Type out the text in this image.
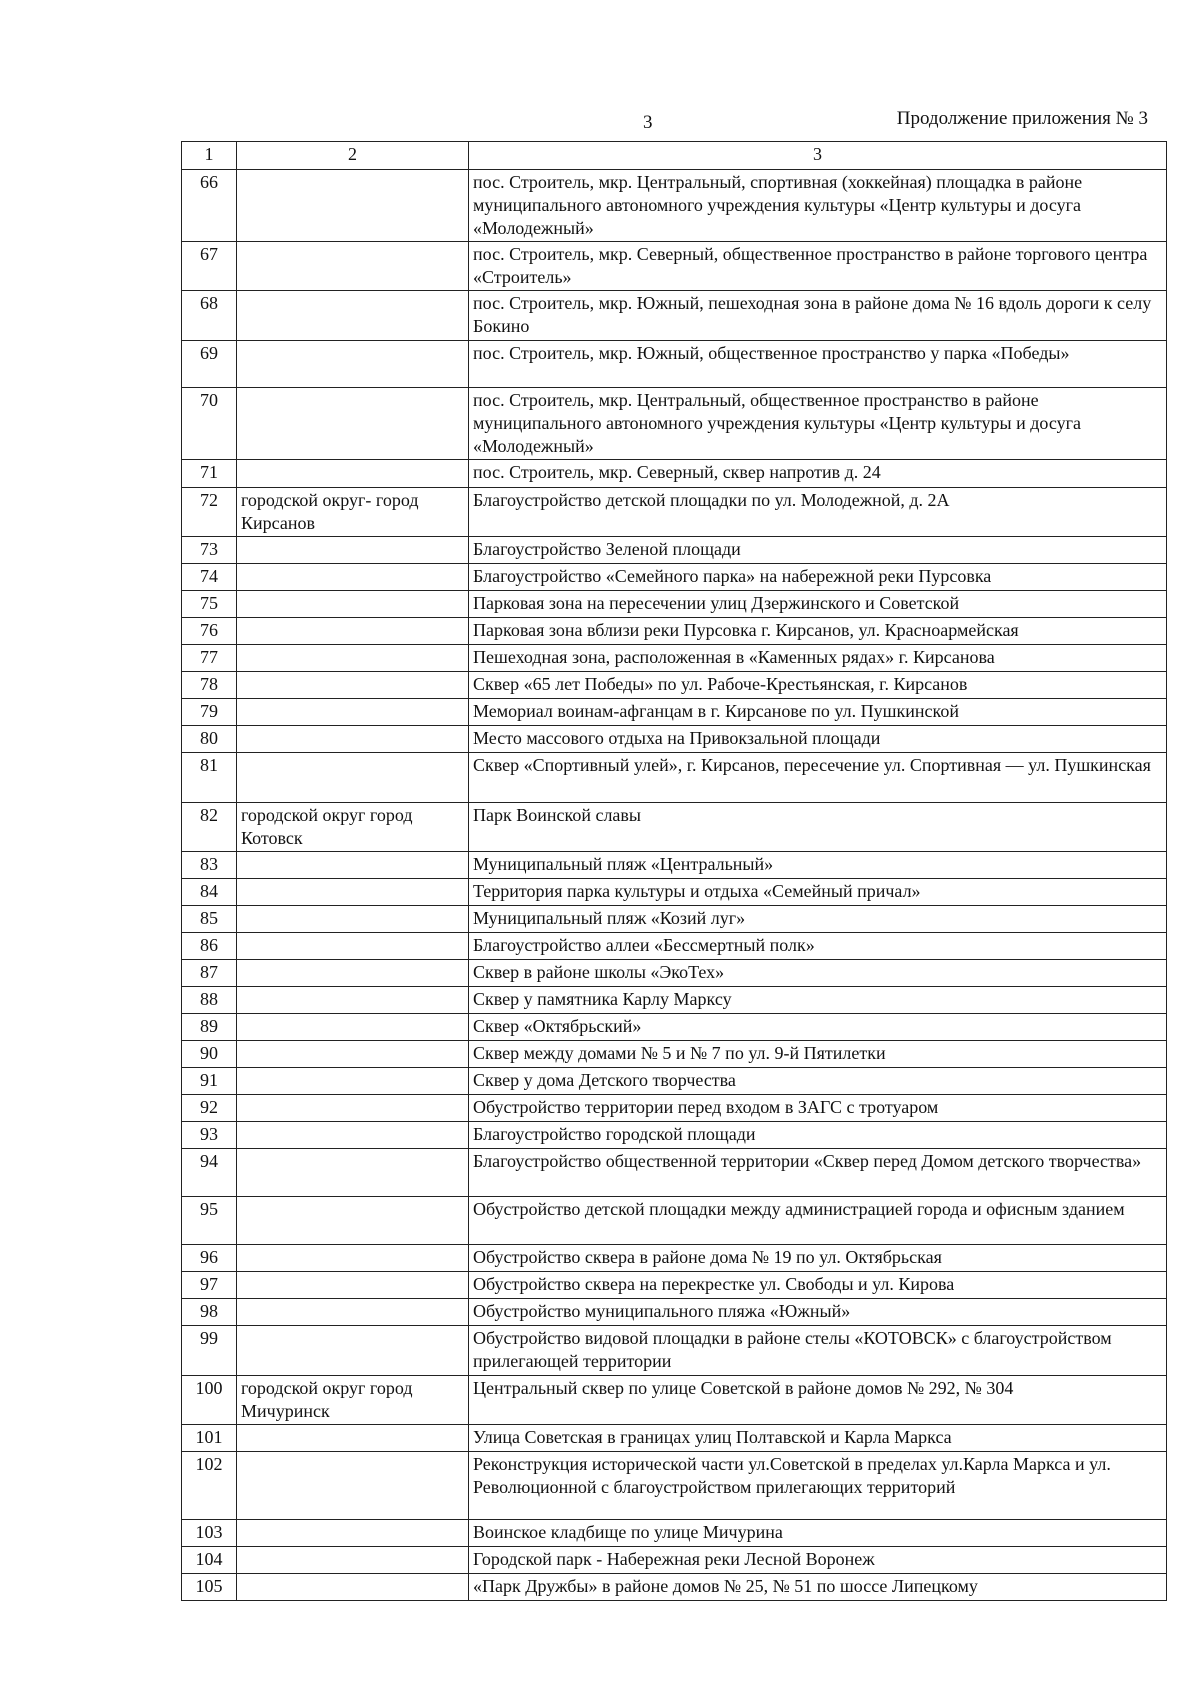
3	Продолжение приложения № 3
1	2	3
66		пос. Строитель, мкр. Центральный, спортивная (хоккейная) площадка в районе муниципального автономного учреждения культуры «Центр культуры и досуга «Молодежный»
67		пос. Строитель, мкр. Северный, общественное пространство в районе торгового центра «Строитель»
68		пос. Строитель, мкр. Южный, пешеходная зона в районе дома № 16 вдоль дороги к селу Бокино
69		пос. Строитель, мкр. Южный, общественное пространство у парка «Победы»
70		пос. Строитель, мкр. Центральный, общественное пространство в районе муниципального автономного учреждения культуры «Центр культуры и досуга «Молодежный»
71		пос. Строитель, мкр. Северный, сквер напротив д. 24
72	городской округ- город Кирсанов	Благоустройство детской площадки по ул. Молодежной, д. 2А
73		Благоустройство Зеленой площади
74		Благоустройство «Семейного парка» на набережной реки Пурсовка
75		Парковая зона на пересечении улиц Дзержинского и Советской
76		Парковая зона вблизи реки Пурсовка г. Кирсанов, ул. Красноармейская
77		Пешеходная зона, расположенная в «Каменных рядах» г. Кирсанова
78		Сквер «65 лет Победы» по ул. Рабоче-Крестьянская, г. Кирсанов
79		Мемориал воинам-афганцам в г. Кирсанове по ул. Пушкинской
80		Место массового отдыха на Привокзальной площади
81		Сквер «Спортивный улей», г. Кирсанов, пересечение ул. Спортивная — ул. Пушкинская
82	городской округ город Котовск	Парк Воинской славы
83		Муниципальный пляж «Центральный»
84		Территория парка культуры и отдыха «Семейный причал»
85		Муниципальный пляж «Козий луг»
86		Благоустройство аллеи «Бессмертный полк»
87		Сквер в районе школы «ЭкоТех»
88		Сквер у памятника Карлу Марксу
89		Сквер «Октябрьский»
90		Сквер между домами № 5 и № 7 по ул. 9-й Пятилетки
91		Сквер у дома Детского творчества
92		Обустройство территории перед входом в ЗАГС с тротуаром
93		Благоустройство городской площади
94		Благоустройство общественной территории «Сквер перед Домом детского творчества»
95		Обустройство детской площадки между администрацией города и офисным зданием
96		Обустройство сквера в районе дома № 19 по ул. Октябрьская
97		Обустройство сквера на перекрестке ул. Свободы и ул. Кирова
98		Обустройство муниципального пляжа «Южный»
99		Обустройство видовой площадки в районе стелы «КОТОВСК» с благоустройством прилегающей территории
100	городской округ город Мичуринск	Центральный сквер по улице Советской в районе домов № 292, № 304
101		Улица Советская в границах улиц Полтавской и Карла Маркса
102		Реконструкция исторической части ул.Советской в пределах ул.Карла Маркса и ул. Революционной с благоустройством прилегающих территорий
103		Воинское кладбище по улице Мичурина
104		Городской парк - Набережная реки Лесной Воронеж
105		«Парк Дружбы» в районе домов № 25, № 51 по шоссе Липецкому
